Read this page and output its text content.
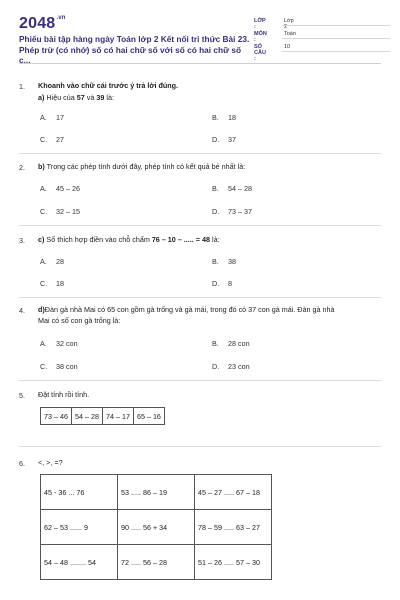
$2048^{.vn}$
Phiếu bài tập hàng ngày Toán lớp 2 Kết nối tri thức Bài 23.
Phép trừ (có nhớ) số có hai chữ số với số có hai chữ số c...
LỚP :
Lớp 2
MÔN :
Toán
SỐ CÂU :
10
1. Khoanh vào chữ cái trước ý trả lời đúng.
a) Hiệu của 57 và 39 là:
A. 17	B. 18
C. 27	D. 37
2. b) Trong các phép tính dưới đây, phép tính có kết quả bé nhất là:
A. 45 – 26	B. 54 – 28
C. 32 – 15	D. 73 – 37
3. c) Số thích hợp điền vào chỗ chấm 76 – 10 – ..... = 48 là:
A. 28	B. 38
C. 18	D. 8
4. d)Đàn gà nhà Mai có 65 con gồm gà trống và gà mái, trong đó có 37 con gà mái. Đàn gà nhà
Mai có số con gà trống là:
A. 32 con	B. 28 con
C. 38 con	D. 23 con
5. Đặt tính rồi tính.
73 – 46	54 – 28	74 – 17	65 – 16
6. <, >, =?
45 - 36 ... 76	53 ..... 86 – 19	45 – 27 ..... 67 – 18
62 – 53 ...... 9	90 ..... 56 + 34	78 – 59 ..... 63 – 27
54 – 48 ........ 54	72 ..... 56 – 28	51 – 26 ..... 57 – 30
